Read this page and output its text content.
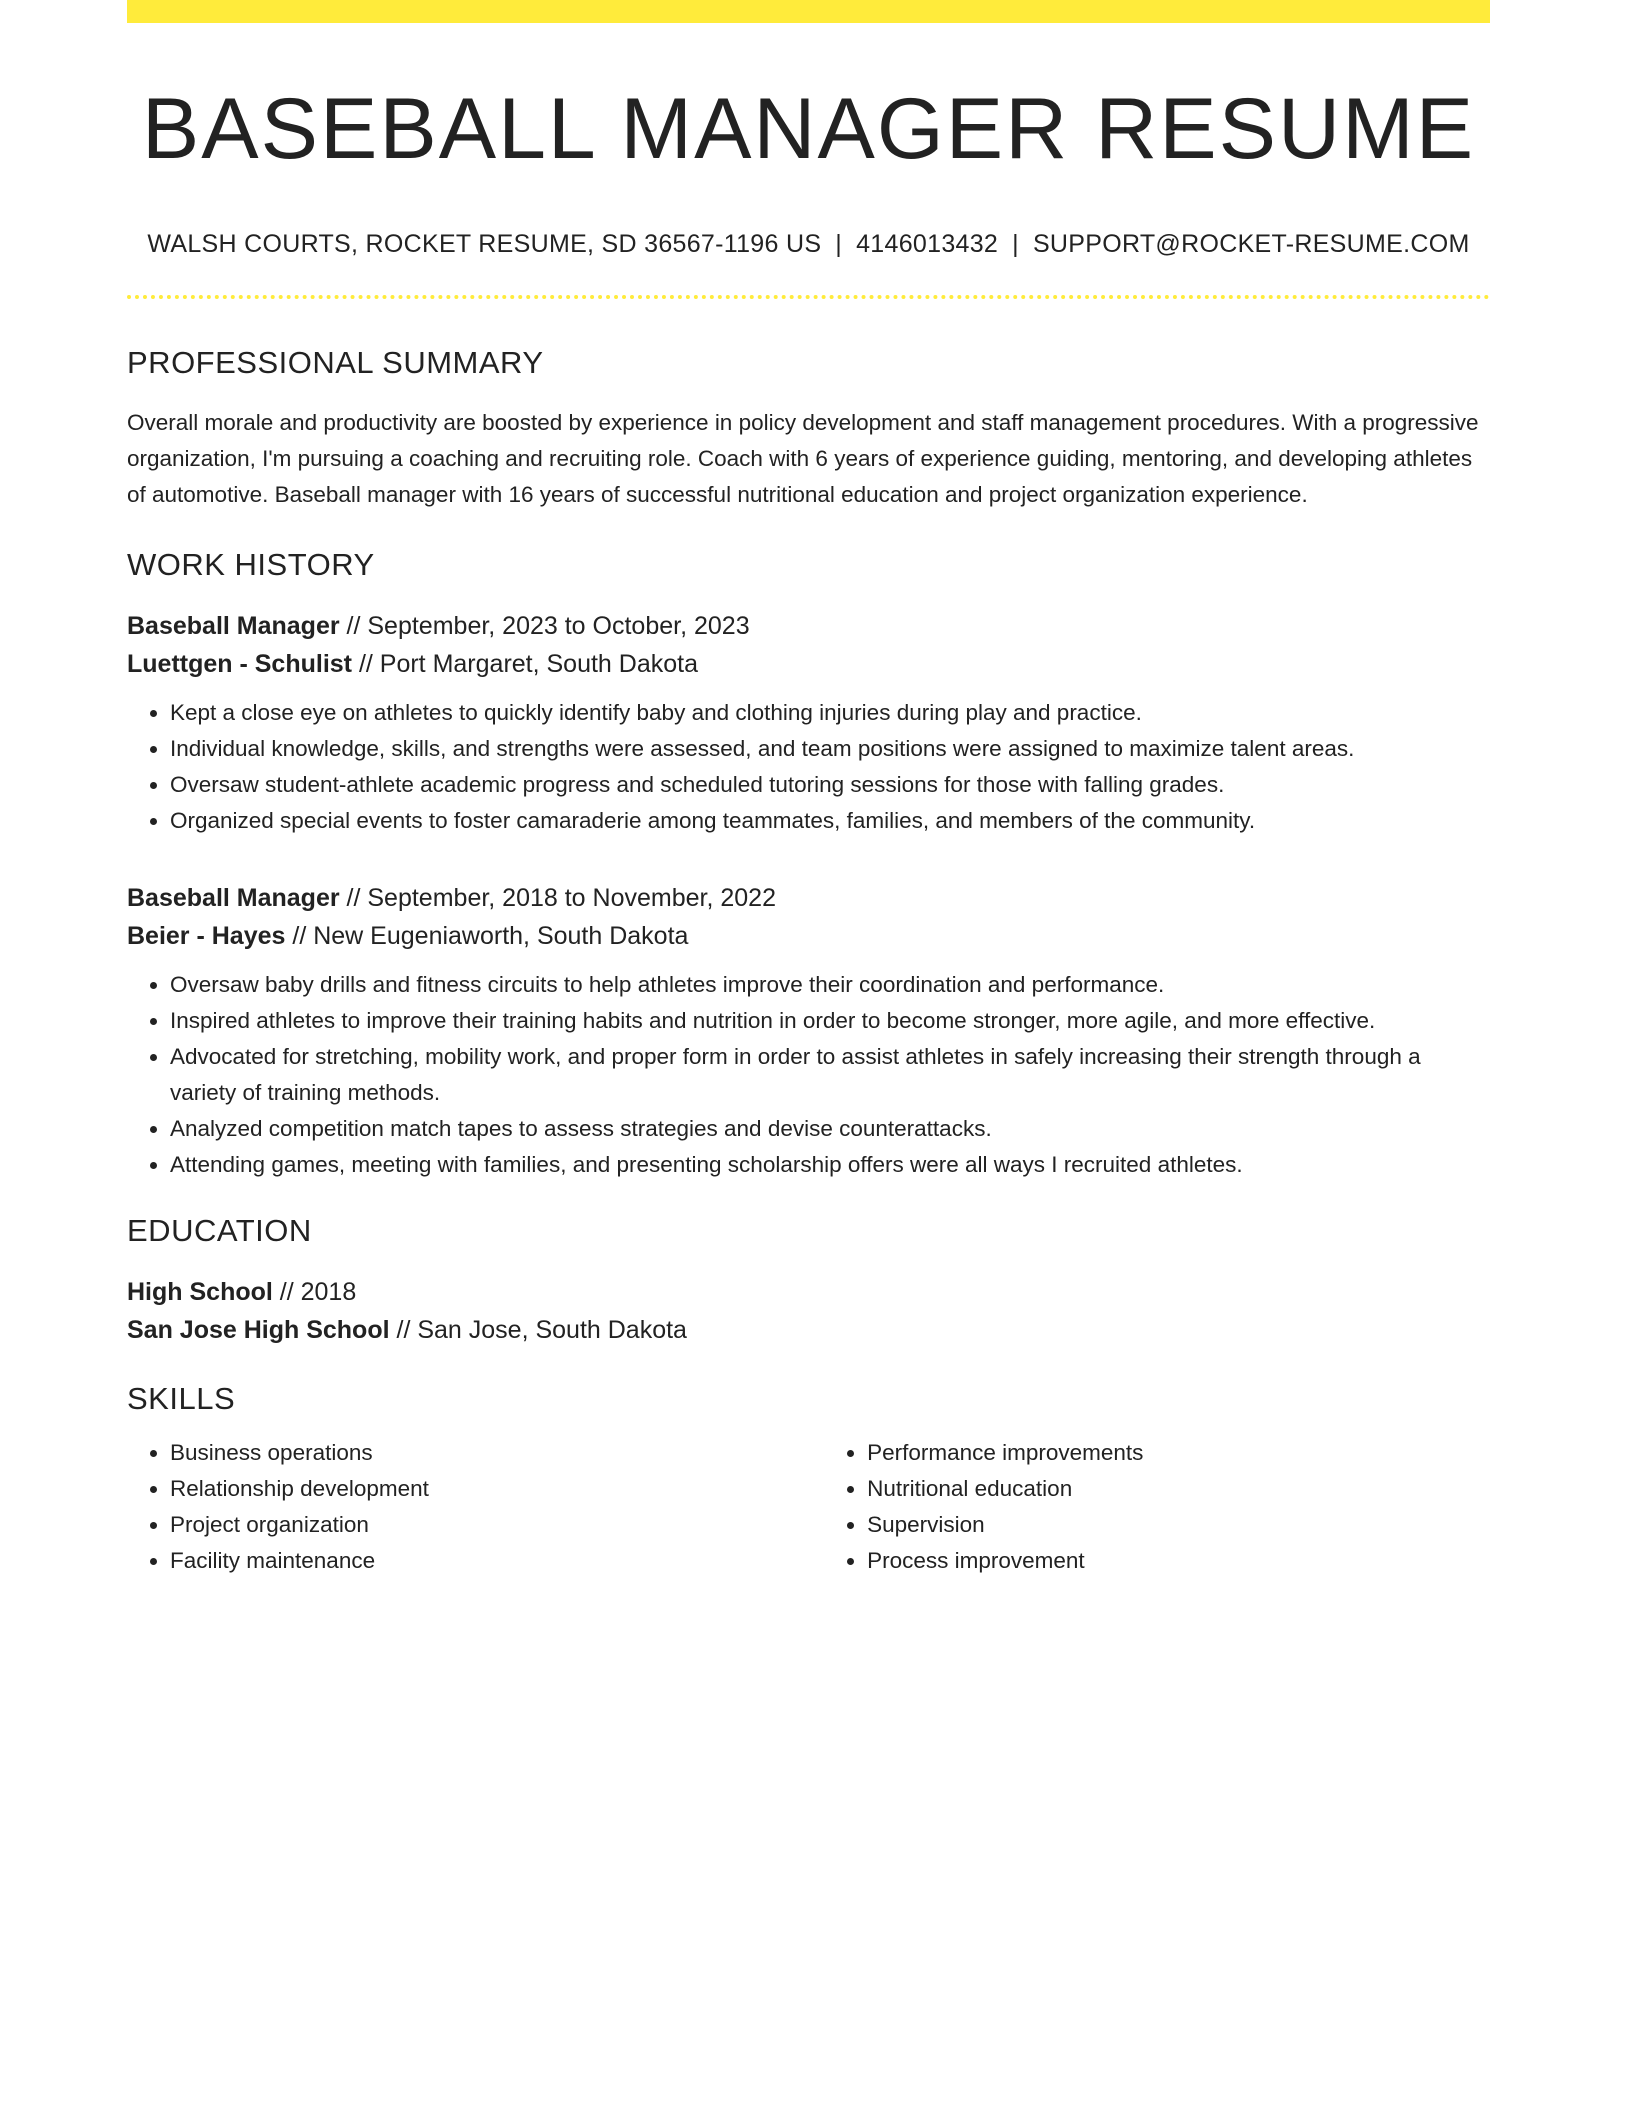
BASEBALL MANAGER RESUME
WALSH COURTS, ROCKET RESUME, SD 36567-1196 US | 4146013432 | SUPPORT@ROCKET-RESUME.COM
PROFESSIONAL SUMMARY

Overall morale and productivity are boosted by experience in policy development and staff management procedures. With a progressive organization, I'm pursuing a coaching and recruiting role. Coach with 6 years of experience guiding, mentoring, and developing athletes of automotive. Baseball manager with 16 years of successful nutritional education and project organization experience.

WORK HISTORY
Baseball Manager // September, 2023 to October, 2023
Luettgen - Schulist // Port Margaret, South Dakota
• Kept a close eye on athletes to quickly identify baby and clothing injuries during play and practice.
• Individual knowledge, skills, and strengths were assessed, and team positions were assigned to maximize talent areas.
• Oversaw student-athlete academic progress and scheduled tutoring sessions for those with falling grades.
• Organized special events to foster camaraderie among teammates, families, and members of the community.
Baseball Manager // September, 2018 to November, 2022
Beier - Hayes // New Eugeniaworth, South Dakota
• Oversaw baby drills and fitness circuits to help athletes improve their coordination and performance.
• Inspired athletes to improve their training habits and nutrition in order to become stronger, more agile, and more effective.
• Advocated for stretching, mobility work, and proper form in order to assist athletes in safely increasing their strength through a variety of training methods.
• Analyzed competition match tapes to assess strategies and devise counterattacks.
• Attending games, meeting with families, and presenting scholarship offers were all ways I recruited athletes.
EDUCATION
High School // 2018
San Jose High School // San Jose, South Dakota
SKILLS
• Business operations
• Relationship development
• Project organization
• Facility maintenance
• Performance improvements
• Nutritional education
• Supervision
• Process improvement
